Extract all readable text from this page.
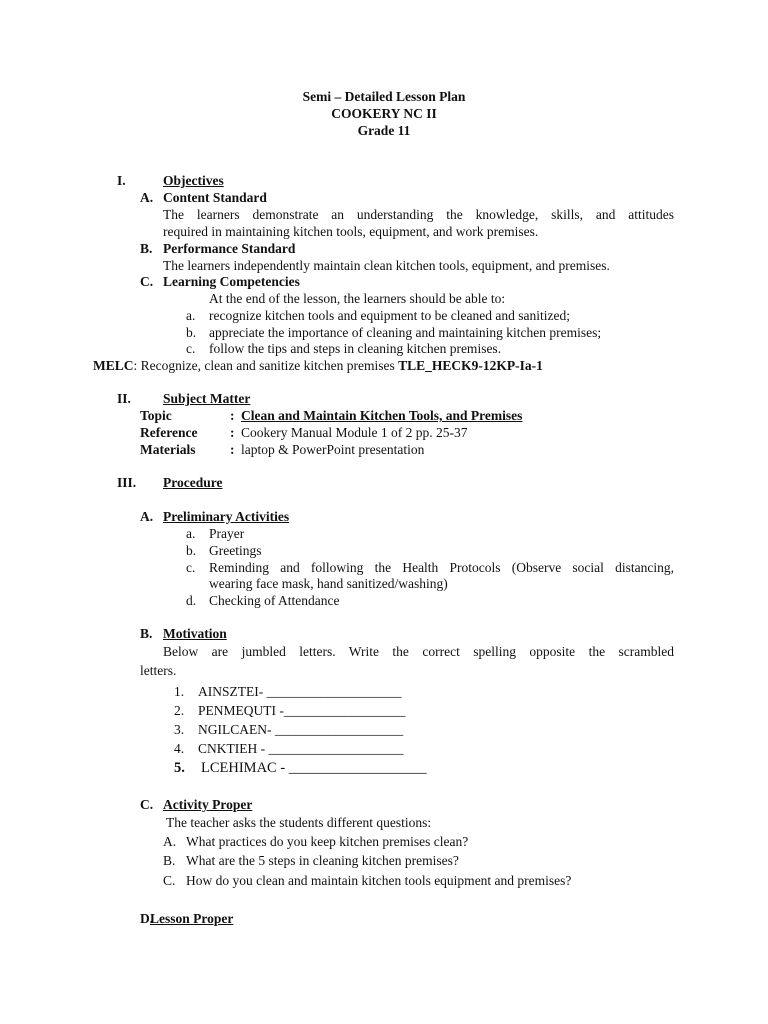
Semi – Detailed Lesson Plan
COOKERY NC II
Grade 11
I.	Objectives
A. Content Standard
The learners demonstrate an understanding the knowledge, skills, and attitudes
required in maintaining kitchen tools, equipment, and work premises.
B. Performance Standard
The learners independently maintain clean kitchen tools, equipment, and premises.
C. Learning Competencies
At the end of the lesson, the learners should be able to:
a. recognize kitchen tools and equipment to be cleaned and sanitized;
b. appreciate the importance of cleaning and maintaining kitchen premises;
c. follow the tips and steps in cleaning kitchen premises.
MELC: Recognize, clean and sanitize kitchen premises TLE_HECK9-12KP-Ia-1
II. Subject Matter
Topic	: Clean and Maintain Kitchen Tools, and Premises
Reference : Cookery Manual Module 1 of 2 pp. 25-37
Materials	: laptop & PowerPoint presentation
III. Procedure
A. Preliminary Activities
a. Prayer
b. Greetings
c. Reminding and following the Health Protocols (Observe social distancing,
wearing face mask, hand sanitized/washing)
d. Checking of Attendance
B. Motivation
Below are jumbled letters. Write the correct spelling opposite the scrambled
letters.
1. AINSZTEI- ____________________
2. PENMEQUTI -__________________
3. NGILCAEN- ___________________
4. CNKTIEH - ____________________
5. LCEHIMAC - ___________________
C. Activity Proper
The teacher asks the students different questions:
A. What practices do you keep kitchen premises clean?
B. What are the 5 steps in cleaning kitchen premises?
C. How do you clean and maintain kitchen tools equipment and premises?
D.
Lesson Proper
